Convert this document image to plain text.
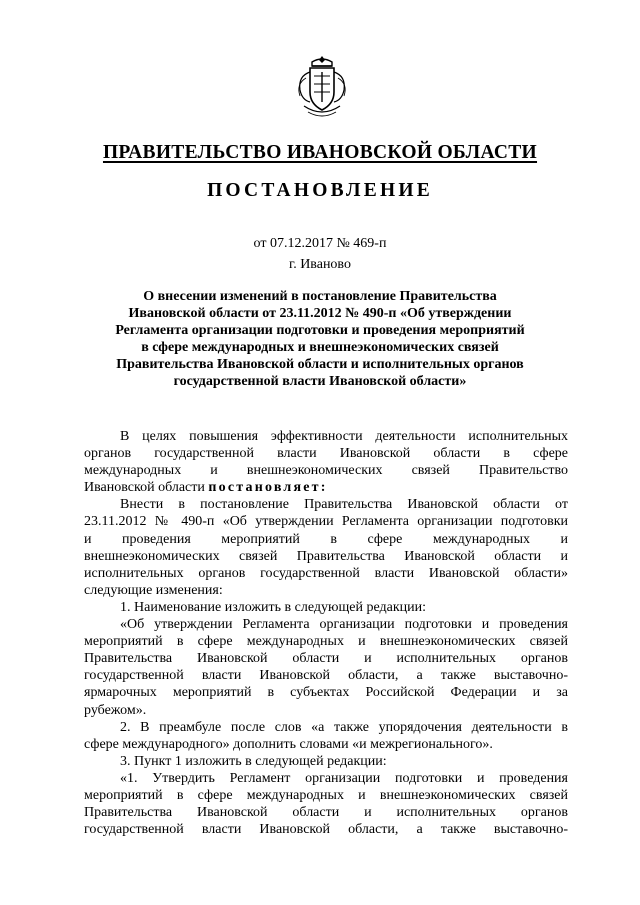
ПРАВИТЕЛЬСТВО ИВАНОВСКОЙ ОБЛАСТИ
ПОСТАНОВЛЕНИЕ
от 07.12.2017 № 469-п
г. Иваново
О внесении изменений в постановление Правительства
Ивановской области от 23.11.2012 № 490-п «Об утверждении
Регламента организации подготовки и проведения мероприятий
в сфере международных и внешнеэкономических связей
Правительства Ивановской области и исполнительных органов
государственной власти Ивановской области»
В целях повышения эффективности деятельности исполнительных
органов государственной власти Ивановской области в сфере
международных и внешнеэкономических связей Правительство
Ивановской области постановляет:
Внести в постановление Правительства Ивановской области от
23.11.2012 № 490-п «Об утверждении Регламента организации подготовки
и проведения мероприятий в сфере международных и
внешнеэкономических связей Правительства Ивановской области и
исполнительных органов государственной власти Ивановской области»
следующие изменения:
1. Наименование изложить в следующей редакции:
«Об утверждении Регламента организации подготовки и проведения
мероприятий в сфере международных и внешнеэкономических связей
Правительства Ивановской области и исполнительных органов
государственной власти Ивановской области, а также выставочно-
ярмарочных мероприятий в субъектах Российской Федерации и за
рубежом».
2. В преамбуле после слов «а также упорядочения деятельности в
сфере международного» дополнить словами «и межрегионального».
3. Пункт 1 изложить в следующей редакции:
«1. Утвердить Регламент организации подготовки и проведения
мероприятий в сфере международных и внешнеэкономических связей
Правительства Ивановской области и исполнительных органов
государственной власти Ивановской области, а также выставочно-
